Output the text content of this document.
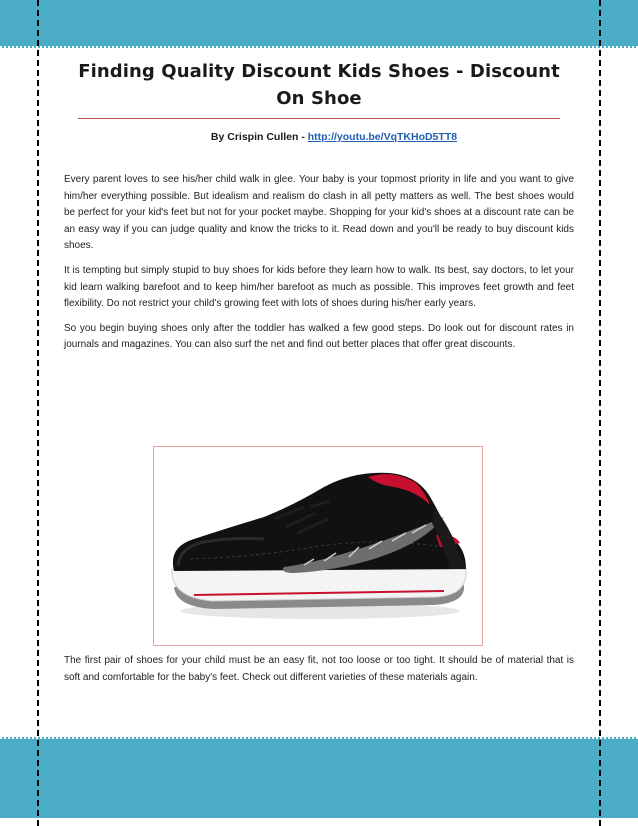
Finding Quality Discount Kids Shoes - Discount On Shoe
By Crispin Cullen - http://youtu.be/VqTKHoD5TT8

Every parent loves to see his/her child walk in glee. Your baby is your topmost priority in life and you want to give him/her everything possible. But idealism and realism do clash in all petty matters as well. The best shoes would be perfect for your kid's feet but not for your pocket maybe. Shopping for your kid's shoes at a discount rate can be an easy way if you can judge quality and know the tricks to it. Read down and you'll be ready to buy discount kids shoes.

It is tempting but simply stupid to buy shoes for kids before they learn how to walk. Its best, say doctors, to let your kid learn walking barefoot and to keep him/her barefoot as much as possible. This improves feet growth and feet flexibility. Do not restrict your child's growing feet with lots of shoes during his/her early years.

So you begin buying shoes only after the toddler has walked a few good steps. Do look out for discount rates in journals and magazines. You can also surf the net and find out better places that offer great discounts.

The first pair of shoes for your child must be an easy fit, not too loose or too tight. It should be of material that is soft and comfortable for the baby's feet. Check out different varieties of these materials again.
